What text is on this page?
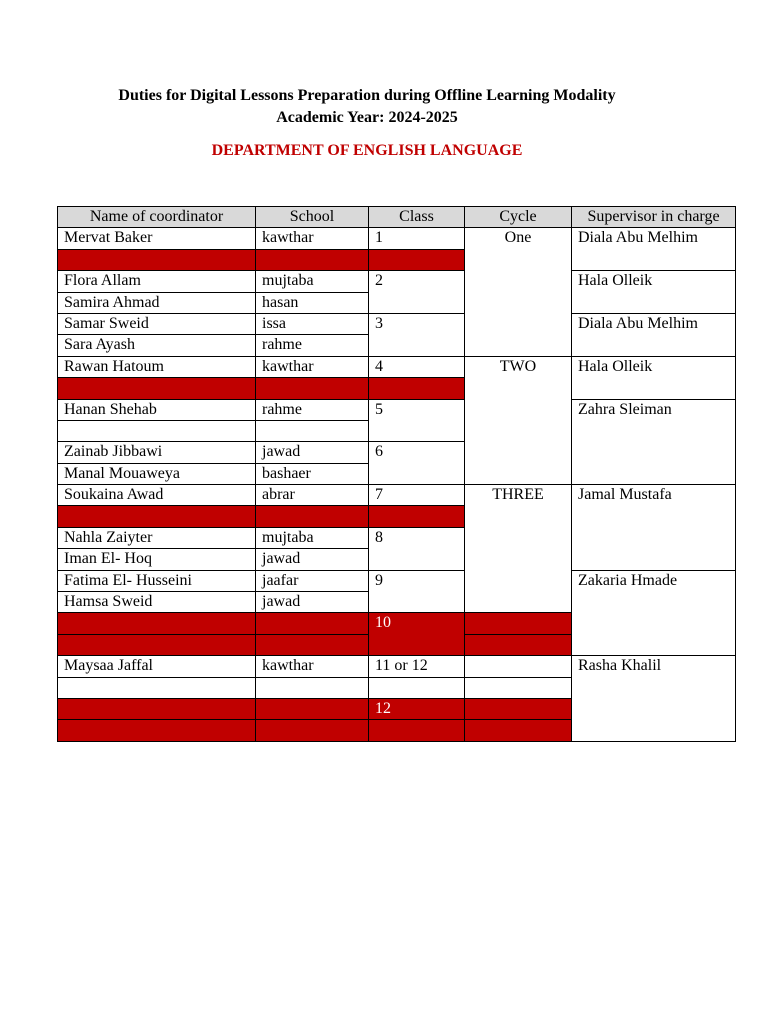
Duties for Digital Lessons Preparation during Offline Learning Modality
Academic Year: 2024-2025
DEPARTMENT OF ENGLISH LANGUAGE
Name of coordinator	School	Class	Cycle	Supervisor in charge
Mervat Baker	kawthar	1	One	Diala Abu Melhim

Flora Allam	mujtaba	2		Hala Olleik
Samira Ahmad	hasan			
Samar Sweid	issa	3		Diala Abu Melhim
Sara Ayash	rahme			
Rawan Hatoum	kawthar	4	TWO	Hala Olleik

Hanan Shehab	rahme	5		Zahra Sleiman

Zainab Jibbawi	jawad	6		
Manal Mouaweya	bashaer			
Soukaina Awad	abrar	7	THREE	Jamal Mustafa

Nahla Zaiyter	mujtaba	8		
Iman El- Hoq	jawad			
Fatima El- Husseini	jaafar	9		Zakaria Hmade
Hamsa Sweid	jawad			
		10		

Maysaa Jaffal	kawthar	11 or 12		Rasha Khalil

		12		
